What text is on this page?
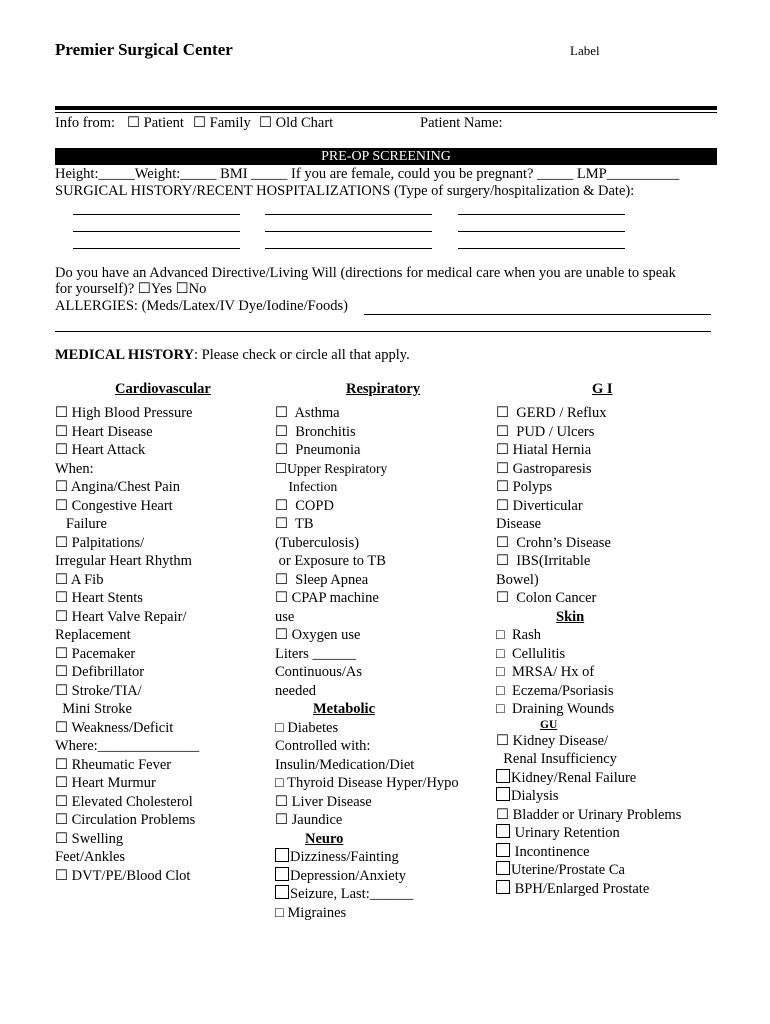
Premier Surgical Center	Label
Info from: ☐ Patient ☐ Family ☐ Old Chart	Patient Name:
PRE-OP SCREENING
Height:_____Weight:_____ BMI _____ If you are female, could you be pregnant? _____ LMP__________
SURGICAL HISTORY/RECENT HOSPITALIZATIONS (Type of surgery/hospitalization & Date):
Do you have an Advanced Directive/Living Will (directions for medical care when you are unable to speak
for yourself)? ☐Yes ☐No
ALLERGIES: (Meds/Latex/IV Dye/Iodine/Foods)
MEDICAL HISTORY: Please check or circle all that apply.
Cardiovascular	Respiratory	G I
☐ High Blood Pressure
☐ Heart Disease
☐ Heart Attack
When:
☐ Angina/Chest Pain
☐ Congestive Heart
Failure
☐ Palpitations/
Irregular Heart Rhythm
☐ A Fib
☐ Heart Stents
☐ Heart Valve Repair/
Replacement
☐ Pacemaker
☐ Defibrillator
☐ Stroke/TIA/
Mini Stroke
☐ Weakness/Deficit
Where:______________
☐ Rheumatic Fever
☐ Heart Murmur
☐ Elevated Cholesterol
☐ Circulation Problems
☐ Swelling
Feet/Ankles
☐ DVT/PE/Blood Clot
☐  Asthma
☐  Bronchitis
☐  Pneumonia
☐Upper Respiratory
Infection
☐  COPD
☐  TB
(Tuberculosis)
or Exposure to TB
☐  Sleep Apnea
☐ CPAP machine
use
☐ Oxygen use
Liters ______
Continuous/As
needed
Metabolic
□ Diabetes
Controlled with:
Insulin/Medication/Diet
□ Thyroid Disease Hyper/Hypo
☐ Liver Disease
☐ Jaundice
Neuro
Dizziness/Fainting
Depression/Anxiety
Seizure, Last:______
□ Migraines
☐  GERD / Reflux
☐  PUD / Ulcers
☐ Hiatal Hernia
☐ Gastroparesis
☐ Polyps
☐ Diverticular
Disease
☐  Crohn’s Disease
☐  IBS(Irritable
Bowel)
☐  Colon Cancer
Skin
□  Rash
□  Cellulitis
□  MRSA/ Hx of
□  Eczema/Psoriasis
□  Draining Wounds
GU
☐ Kidney Disease/
Renal Insufficiency
Kidney/Renal Failure
Dialysis
☐ Bladder or Urinary Problems
Urinary Retention
Incontinence
Uterine/Prostate Ca
BPH/Enlarged Prostate
